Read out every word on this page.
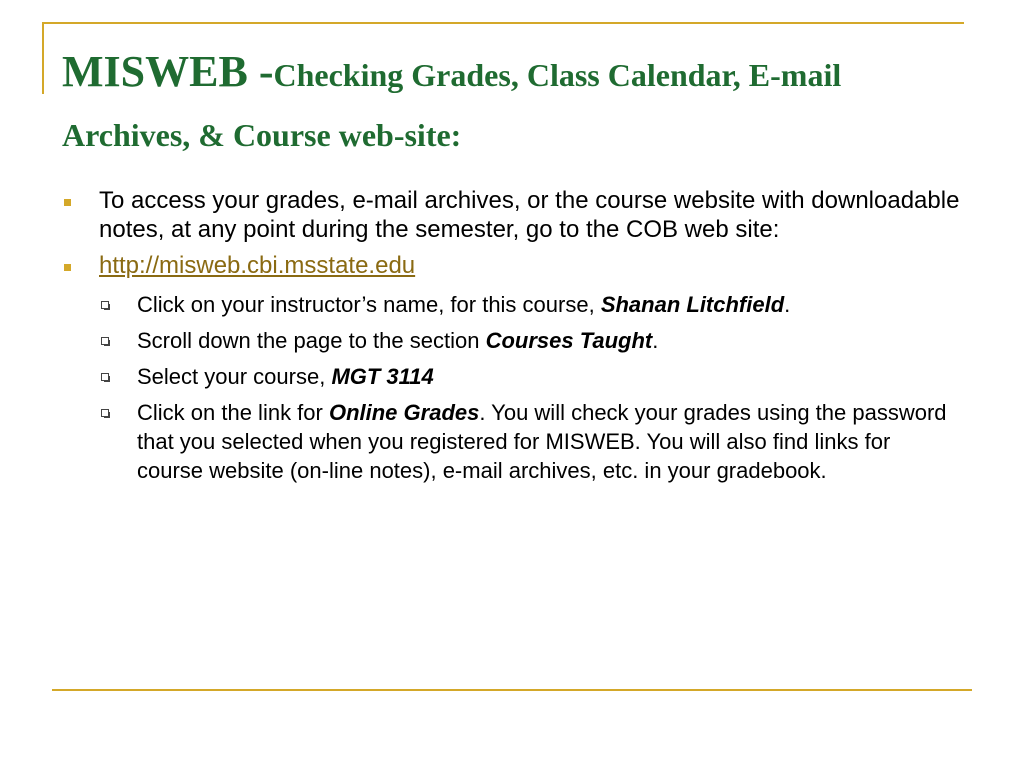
MISWEB -Checking Grades, Class Calendar, E-mail Archives, & Course web-site:
To access your grades, e-mail archives, or the course website with downloadable notes, at any point during the semester, go to the COB web site:
http://misweb.cbi.msstate.edu
Click on your instructor’s name, for this course, Shanan Litchfield.
Scroll down the page to the section Courses Taught.
Select your course, MGT 3114
Click on the link for Online Grades. You will check your grades using the password that you selected when you registered for MISWEB. You will also find links for course website (on-line notes), e-mail archives, etc. in your gradebook.
